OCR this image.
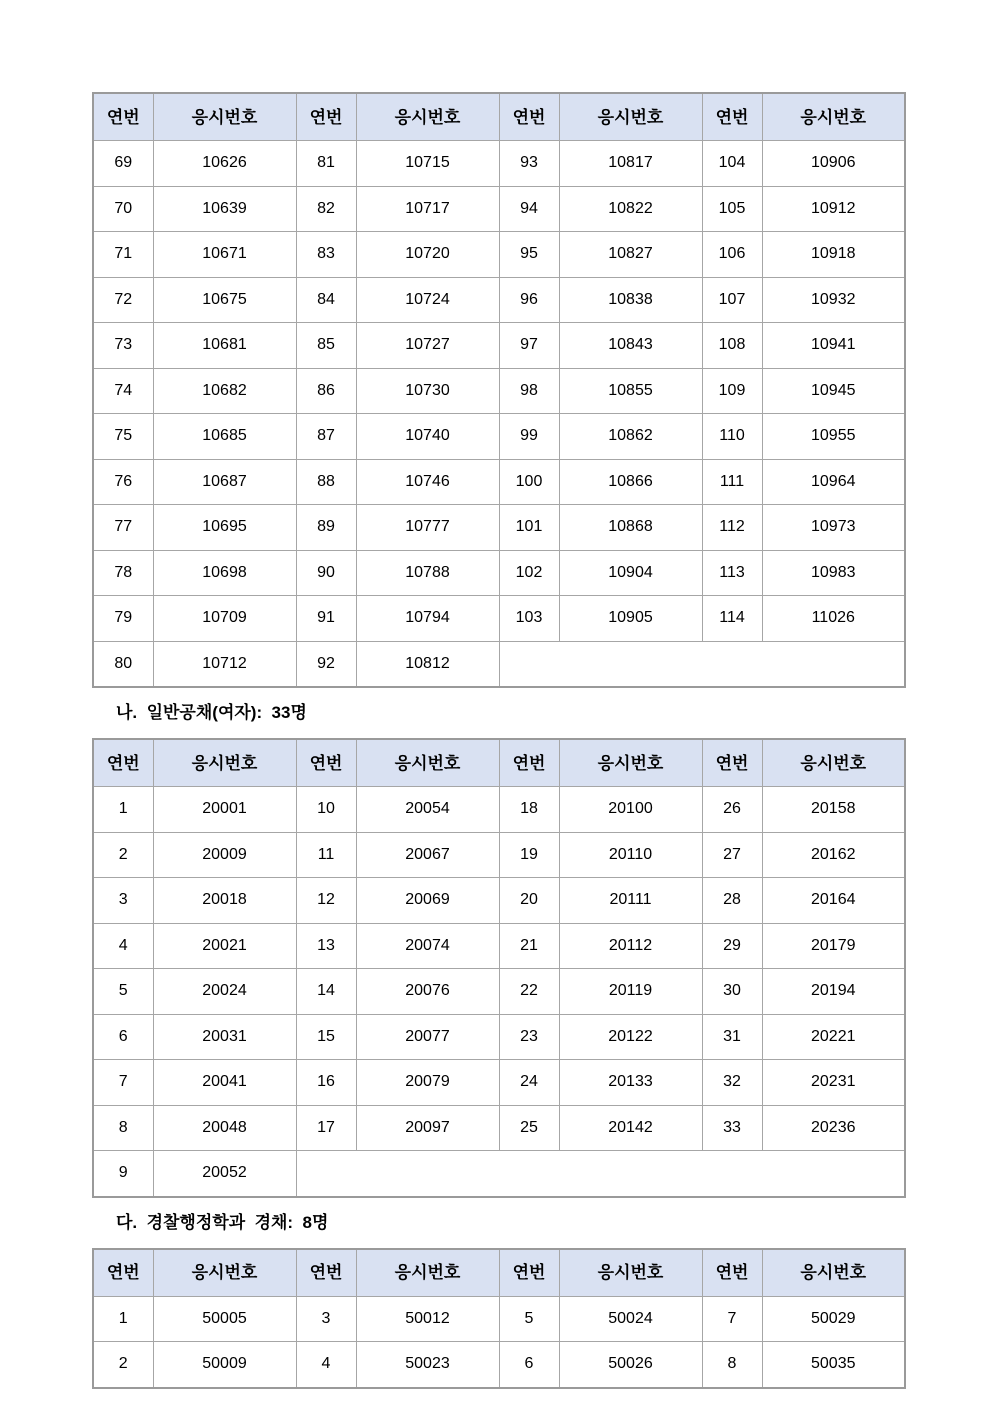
연번	응시번호	연번	응시번호	연번	응시번호	연번	응시번호
69	10626	81	10715	93	10817	104	10906
70	10639	82	10717	94	10822	105	10912
71	10671	83	10720	95	10827	106	10918
72	10675	84	10724	96	10838	107	10932
73	10681	85	10727	97	10843	108	10941
74	10682	86	10730	98	10855	109	10945
75	10685	87	10740	99	10862	110	10955
76	10687	88	10746	100	10866	111	10964
77	10695	89	10777	101	10868	112	10973
78	10698	90	10788	102	10904	113	10983
79	10709	91	10794	103	10905	114	11026
80	10712	92	10812				
나.  일반공채(여자):  33명
연번	응시번호	연번	응시번호	연번	응시번호	연번	응시번호
1	20001	10	20054	18	20100	26	20158
2	20009	11	20067	19	20110	27	20162
3	20018	12	20069	20	20111	28	20164
4	20021	13	20074	21	20112	29	20179
5	20024	14	20076	22	20119	30	20194
6	20031	15	20077	23	20122	31	20221
7	20041	16	20079	24	20133	32	20231
8	20048	17	20097	25	20142	33	20236
9	20052						
다.  경찰행정학과  경채:  8명
연번	응시번호	연번	응시번호	연번	응시번호	연번	응시번호
1	50005	3	50012	5	50024	7	50029
2	50009	4	50023	6	50026	8	50035
